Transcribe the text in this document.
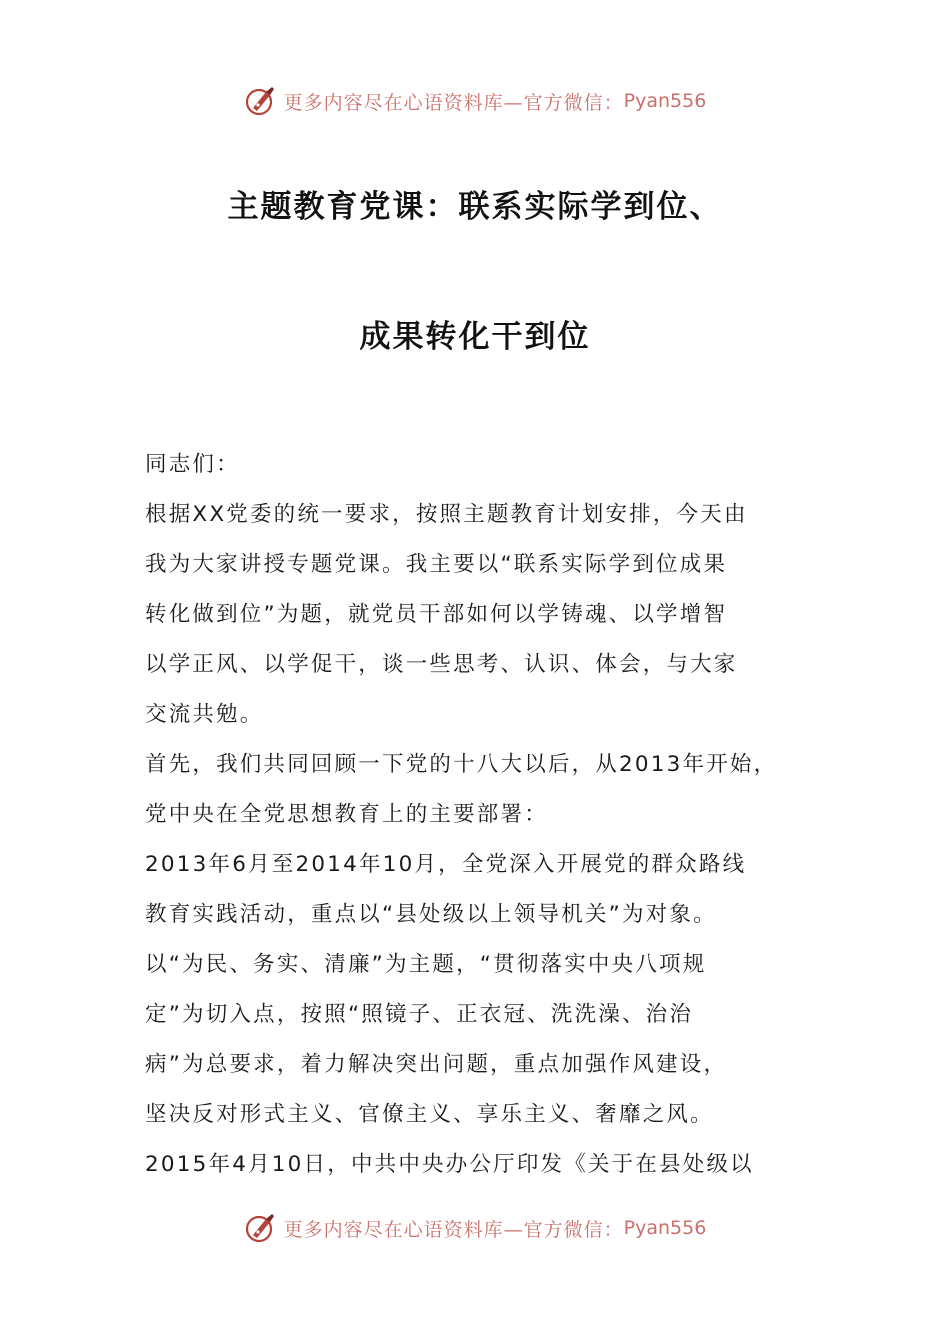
更多内容尽在心语资料库—官方微信： Pyan556
主题教育党课：联系实际学到位、
成果转化干到位

同志们：

根据XX党委的统一要求，按照主题教育计划安排，今天由

我为大家讲授专题党课。我主要以“联系实际学到位成果

转化做到位”为题，就党员干部如何以学铸魂、以学增智

以学正风、以学促干，谈一些思考、认识、体会，与大家

交流共勉。

首先，我们共同回顾一下党的十八大以后，从2013年开始，

党中央在全党思想教育上的主要部署：

2013年6月至2014年10月，全党深入开展党的群众路线

教育实践活动，重点以“县处级以上领导机关”为对象。

以“为民、务实、清廉”为主题，“贯彻落实中央八项规

定”为切入点，按照“照镜子、正衣冠、洗洗澡、治治

病”为总要求，着力解决突出问题，重点加强作风建设，

坚决反对形式主义、官僚主义、享乐主义、奢靡之风。

2015年4月10日，中共中央办公厅印发《关于在县处级以

更多内容尽在心语资料库—官方微信： Pyan556
